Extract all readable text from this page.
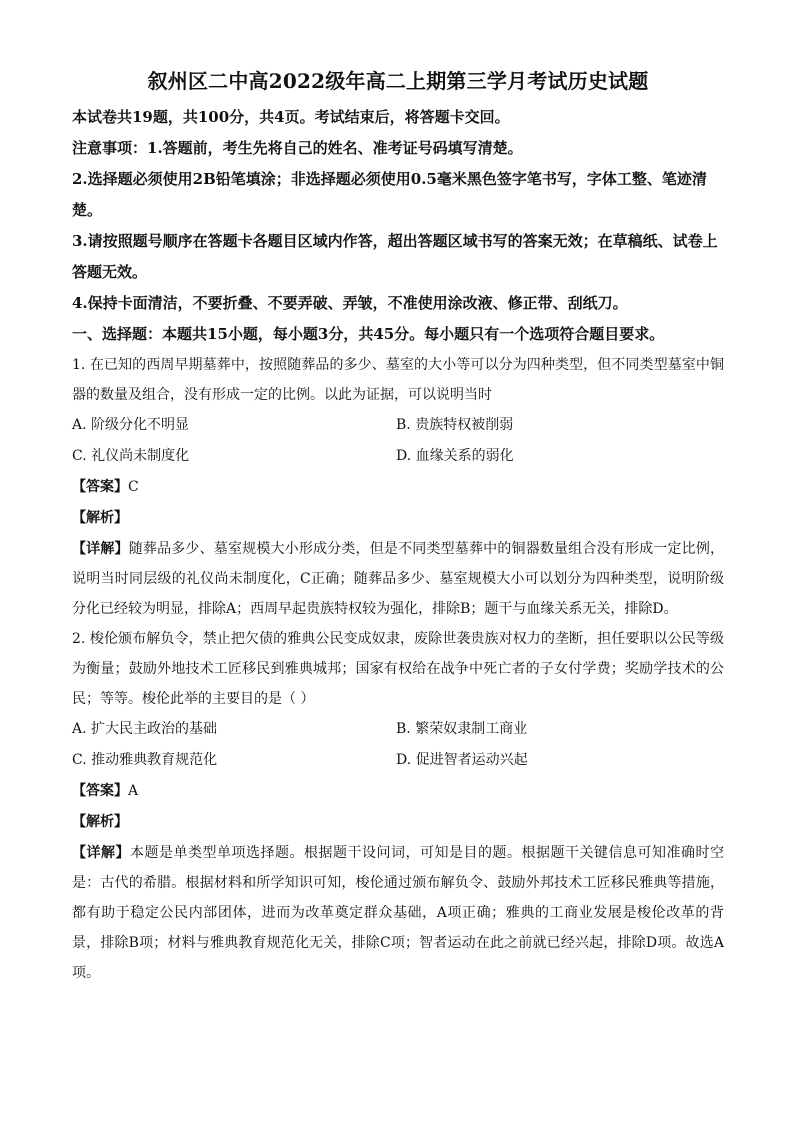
叙州区二中高2022级年高二上期第三学月考试历史试题

本试卷共19题，共100分，共4页。考试结束后，将答题卡交回。

注意事项：1.答题前，考生先将自己的姓名、准考证号码填写清楚。

2.选择题必须使用2B铅笔填涂；非选择题必须使用0.5毫米黑色签字笔书写，字体工整、笔迹清楚。

3.请按照题号顺序在答题卡各题目区域内作答，超出答题区域书写的答案无效；在草稿纸、试卷上答题无效。

4.保持卡面清洁，不要折叠、不要弄破、弄皱，不准使用涂改液、修正带、刮纸刀。

一、选择题：本题共15小题，每小题3分，共45分。每小题只有一个选项符合题目要求。

1. 在已知的西周早期墓葬中，按照随葬品的多少、墓室的大小等可以分为四种类型，但不同类型墓室中铜器的数量及组合，没有形成一定的比例。以此为证据，可以说明当时

A. 阶级分化不明显	B. 贵族特权被削弱
C. 礼仪尚未制度化	D. 血缘关系的弱化

【答案】C

【解析】

【详解】随葬品多少、墓室规模大小形成分类，但是不同类型墓葬中的铜器数量组合没有形成一定比例，说明当时同层级的礼仪尚未制度化，C正确；随葬品多少、墓室规模大小可以划分为四种类型，说明阶级分化已经较为明显，排除A；西周早起贵族特权较为强化，排除B；题干与血缘关系无关，排除D。

2. 梭伦颁布解负令，禁止把欠债的雅典公民变成奴隶，废除世袭贵族对权力的垄断，担任要职以公民等级为衡量；鼓励外地技术工匠移民到雅典城邦；国家有权给在战争中死亡者的子女付学费；奖励学技术的公民；等等。梭伦此举的主要目的是（ ）

A. 扩大民主政治的基础	B. 繁荣奴隶制工商业
C. 推动雅典教育规范化	D. 促进智者运动兴起

【答案】A

【解析】

【详解】本题是单类型单项选择题。根据题干设问词，可知是目的题。根据题干关键信息可知准确时空是：古代的希腊。根据材料和所学知识可知，梭伦通过颁布解负令、鼓励外邦技术工匠移民雅典等措施，都有助于稳定公民内部团体，进而为改革奠定群众基础，A项正确；雅典的工商业发展是梭伦改革的背景，排除B项；材料与雅典教育规范化无关，排除C项；智者运动在此之前就已经兴起，排除D项。故选A项。
